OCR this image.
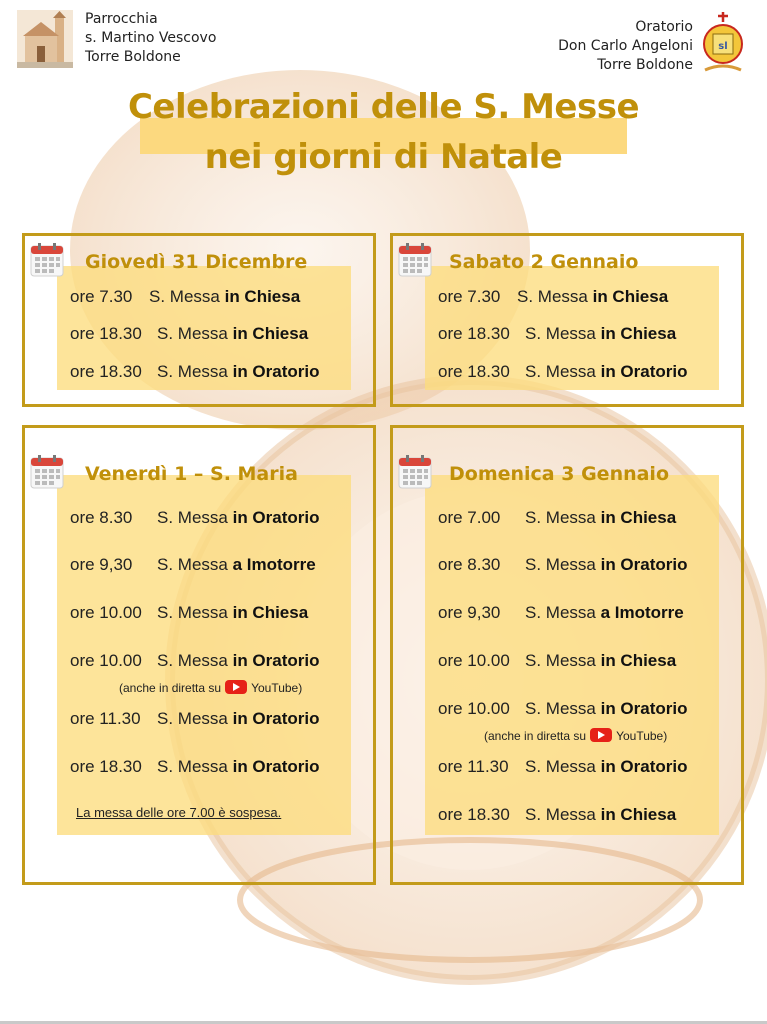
Parrocchia
s. Martino Vescovo
Torre Boldone
Oratorio
Don Carlo Angeloni
Torre Boldone
sl
Celebrazioni delle S. Messe
nei giorni di Natale
Giovedì 31 Dicembre
ore 7.30 S. Messa in Chiesa
ore 18.30 S. Messa in Chiesa
ore 18.30 S. Messa in Oratorio
Sabato 2 Gennaio
ore 7.30 S. Messa in Chiesa
ore 18.30 S. Messa in Chiesa
ore 18.30 S. Messa in Oratorio
Venerdì 1 – S. Maria
ore 8.30 S. Messa in Oratorio
ore 9,30 S. Messa a Imotorre
ore 10.00 S. Messa in Chiesa
ore 10.00 S. Messa in Oratorio
(anche in diretta su	YouTube)
ore 11.30 S. Messa in Oratorio
ore 18.30 S. Messa in Oratorio
La messa delle ore 7.00 è sospesa.
Domenica 3 Gennaio
ore 7.00 S. Messa in Chiesa
ore 8.30 S. Messa in Oratorio
ore 9,30 S. Messa a Imotorre
ore 10.00 S. Messa in Chiesa
ore 10.00 S. Messa in Oratorio
(anche in diretta su	YouTube)
ore 11.30 S. Messa in Oratorio
ore 18.30 S. Messa in Chiesa
